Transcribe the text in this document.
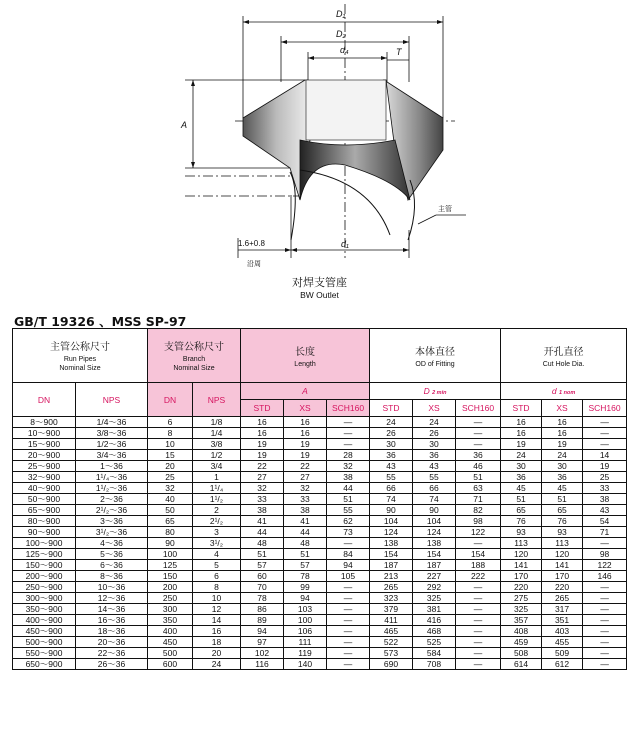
D₁
D₂
d₄	T
A
d₁
1.6+0.8
沿周
主管
对焊支管座
BW Outlet
GB/T 19326 、MSS SP-97
主管公称尺寸
Run Pipes
Nominal Size		支管公称尺寸
Branch
Nominal Size		长度
Length			本体直径
OD of Fitting			开孔直径
Cut Hole Dia.		

DN	NPS	DN	NPS	A			D 2 min			d 1 nom		
				STD	XS	SCH160	STD	XS	SCH160	STD	XS	SCH160
8～900	1/4～36	6	1/8	16	16	—	24	24	—	16	16	—
10～900	3/8～36	8	1/4	16	16	—	26	26	—	16	16	—
15～900	1/2～36	10	3/8	19	19	—	30	30	—	19	19	—
20～900	3/4～36	15	1/2	19	19	28	36	36	36	24	24	14
25～900	1～36	20	3/4	22	22	32	43	43	46	30	30	19
32～900	1¹/₄～36	25	1	27	27	38	55	55	51	36	36	25
40～900	1¹/₂～36	32	1¹/₄	32	32	44	66	66	63	45	45	33
50～900	2～36	40	1¹/₂	33	33	51	74	74	71	51	51	38
65～900	2¹/₂～36	50	2	38	38	55	90	90	82	65	65	43
80～900	3～36	65	2¹/₂	41	41	62	104	104	98	76	76	54
90～900	3¹/₂～36	80	3	44	44	73	124	124	122	93	93	71
100～900	4～36	90	3¹/₂	48	48	—	138	138	—	113	113	—
125～900	5～36	100	4	51	51	84	154	154	154	120	120	98
150～900	6～36	125	5	57	57	94	187	187	188	141	141	122
200～900	8～36	150	6	60	78	105	213	227	222	170	170	146
250～900	10～36	200	8	70	99	—	265	292	—	220	220	—
300～900	12～36	250	10	78	94	—	323	325	—	275	265	—
350～900	14～36	300	12	86	103	—	379	381	—	325	317	—
400～900	16～36	350	14	89	100	—	411	416	—	357	351	—
450～900	18～36	400	16	94	106	—	465	468	—	408	403	—
500～900	20～36	450	18	97	111	—	522	525	—	459	455	—
550～900	22～36	500	20	102	119	—	573	584	—	508	509	—
650～900	26～36	600	24	116	140	—	690	708	—	614	612	—
